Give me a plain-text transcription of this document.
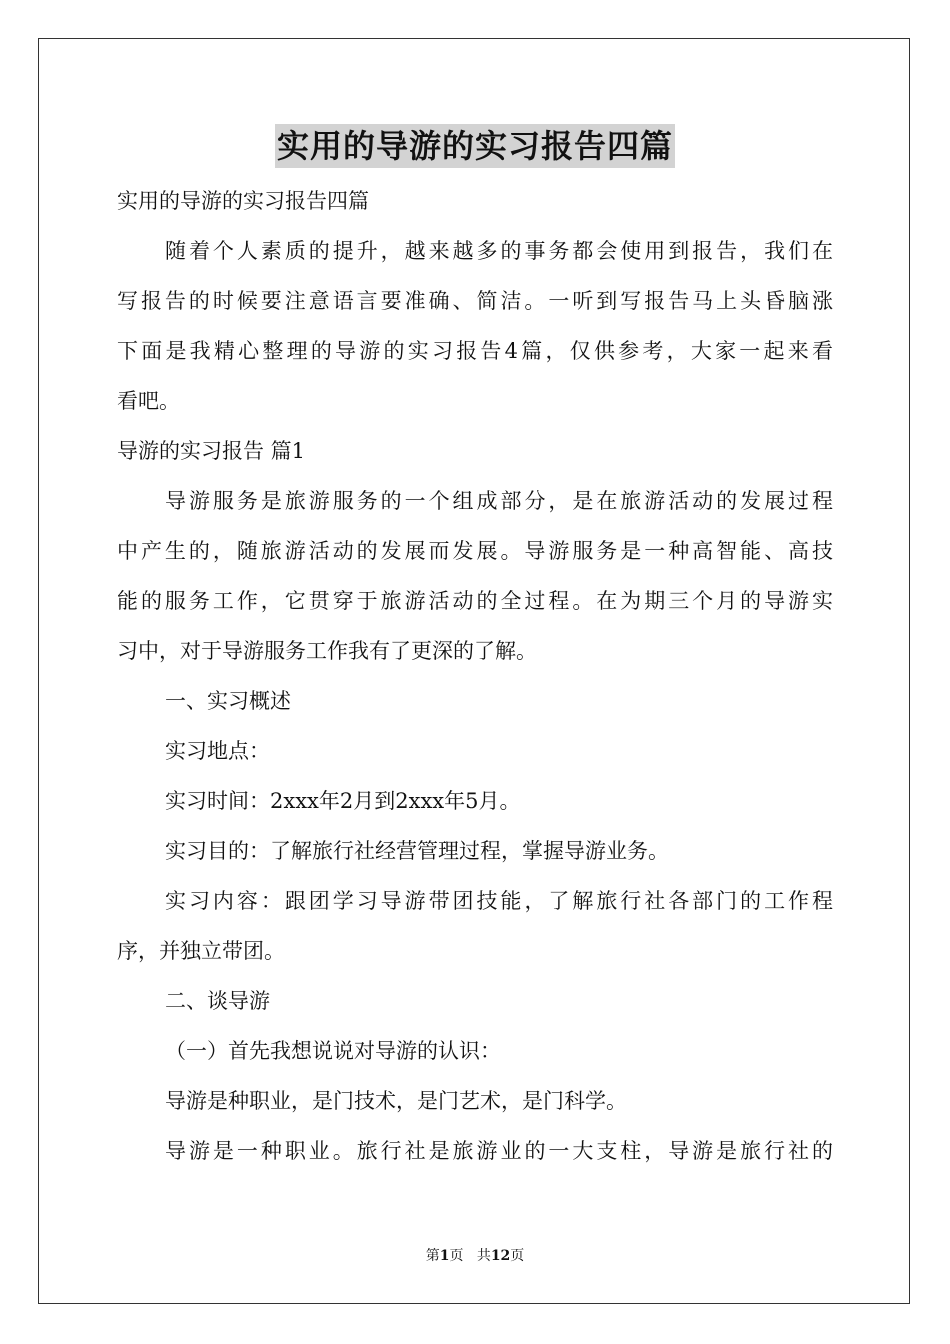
实用的导游的实习报告四篇
实用的导游的实习报告四篇
随着个人素质的提升，越来越多的事务都会使用到报告，我们在
写报告的时候要注意语言要准确、简洁。一听到写报告马上头昏脑涨
下面是我精心整理的导游的实习报告4篇，仅供参考，大家一起来看
看吧。
导游的实习报告 篇1
导游服务是旅游服务的一个组成部分，是在旅游活动的发展过程
中产生的，随旅游活动的发展而发展。导游服务是一种高智能、高技
能的服务工作，它贯穿于旅游活动的全过程。在为期三个月的导游实
习中，对于导游服务工作我有了更深的了解。
一、实习概述
实习地点：
实习时间：2xxx年2月到2xxx年5月。
实习目的：了解旅行社经营管理过程，掌握导游业务。
实习内容：跟团学习导游带团技能，了解旅行社各部门的工作程
序，并独立带团。
二、谈导游
（一）首先我想说说对导游的认识：
导游是种职业，是门技术，是门艺术，是门科学。
导游是一种职业。旅行社是旅游业的一大支柱，导游是旅行社的
第1页 共12页
